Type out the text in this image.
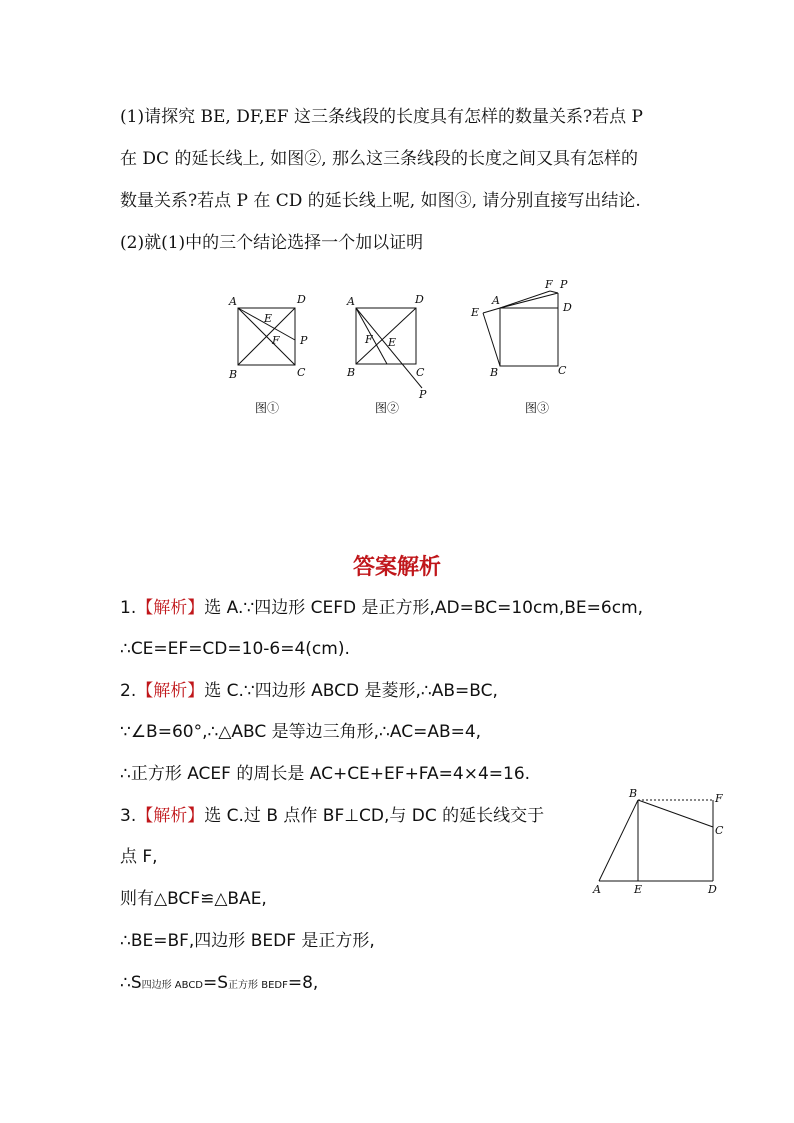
(1)请探究 BE, DF,EF 这三条线段的长度具有怎样的数量关系?若点 P
在 DC 的延长线上, 如图②, 那么这三条线段的长度之间又具有怎样的
数量关系?若点 P 在 CD 的延长线上呢, 如图③, 请分别直接写出结论.
(2)就(1)中的三个结论选择一个加以证明
A	D
B	C
E
F P
图①
A	D
B	C
F E
P
图②
A
F P
D
E
B	C
图③
答案解析
1.【解析】选 A.∵四边形 CEFD 是正方形,AD=BC=10cm,BE=6cm,
∴CE=EF=CD=10-6=4(cm).
2.【解析】选 C.∵四边形 ABCD 是菱形,∴AB=BC,
∵∠B=60°,∴△ABC 是等边三角形,∴AC=AB=4,
∴正方形 ACEF 的周长是 AC+CE+EF+FA=4×4=16.
3.【解析】选 C.过 B 点作 BF⊥CD,与 DC 的延长线交于
点 F,
则有△BCF≌△BAE,
∴BE=BF,四边形 BEDF 是正方形,
∴S四边形 ABCD=S正方形 BEDF=8,
B	F
C
A	E	D
